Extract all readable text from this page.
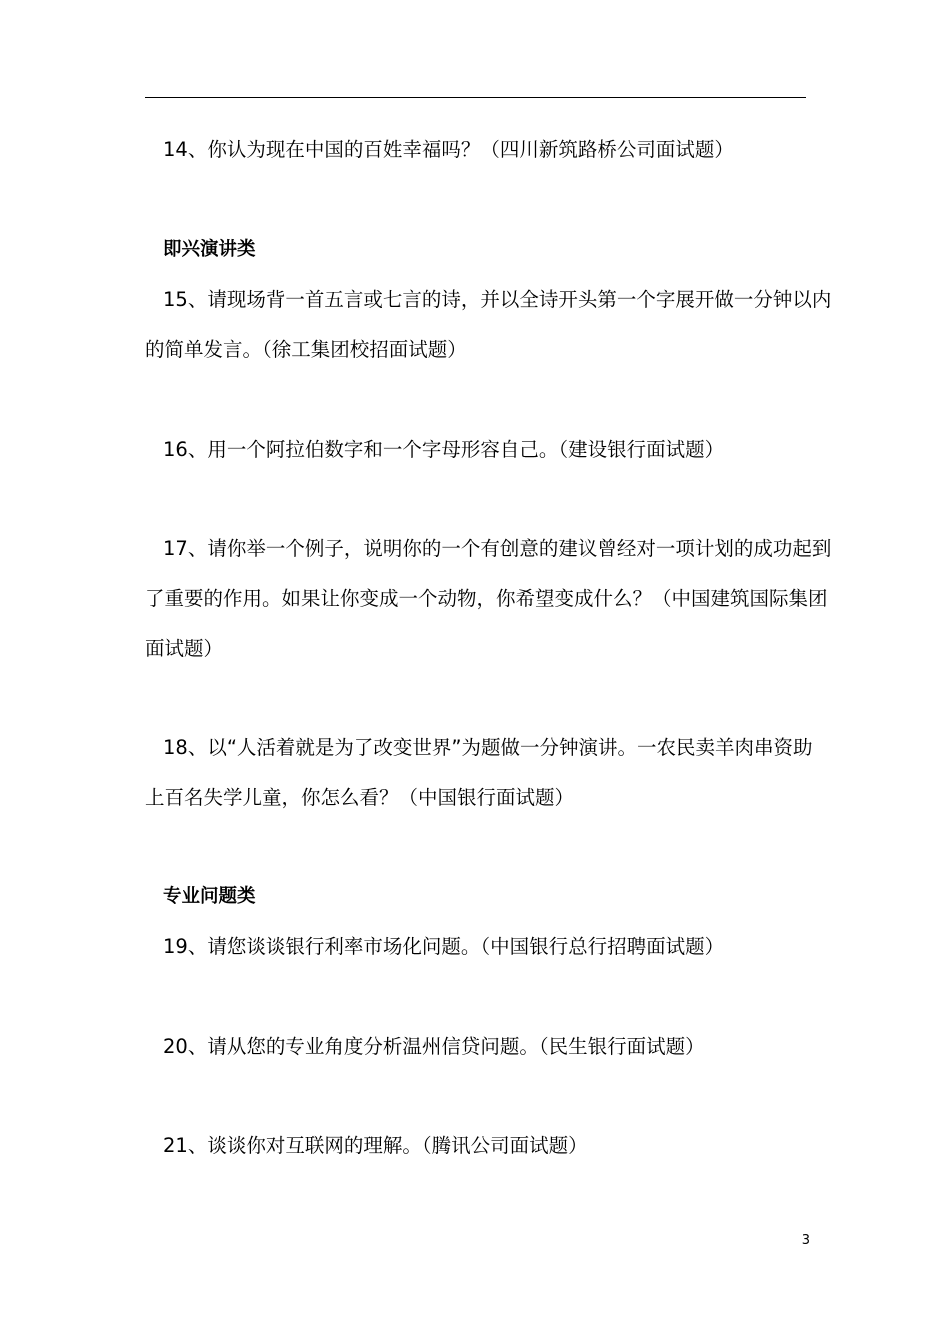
14、你认为现在中国的百姓幸福吗？（四川新筑路桥公司面试题）
即兴演讲类
15、请现场背一首五言或七言的诗，并以全诗开头第一个字展开做一分钟以内
的简单发言。（徐工集团校招面试题）
16、用一个阿拉伯数字和一个字母形容自己。（建设银行面试题）
17、请你举一个例子，说明你的一个有创意的建议曾经对一项计划的成功起到
了重要的作用。如果让你变成一个动物，你希望变成什么？（中国建筑国际集团
面试题）
18、以“人活着就是为了改变世界”为题做一分钟演讲。一农民卖羊肉串资助
上百名失学儿童，你怎么看？（中国银行面试题）
专业问题类
19、请您谈谈银行利率市场化问题。（中国银行总行招聘面试题）
20、请从您的专业角度分析温州信贷问题。（民生银行面试题）
21、谈谈你对互联网的理解。（腾讯公司面试题）
3
